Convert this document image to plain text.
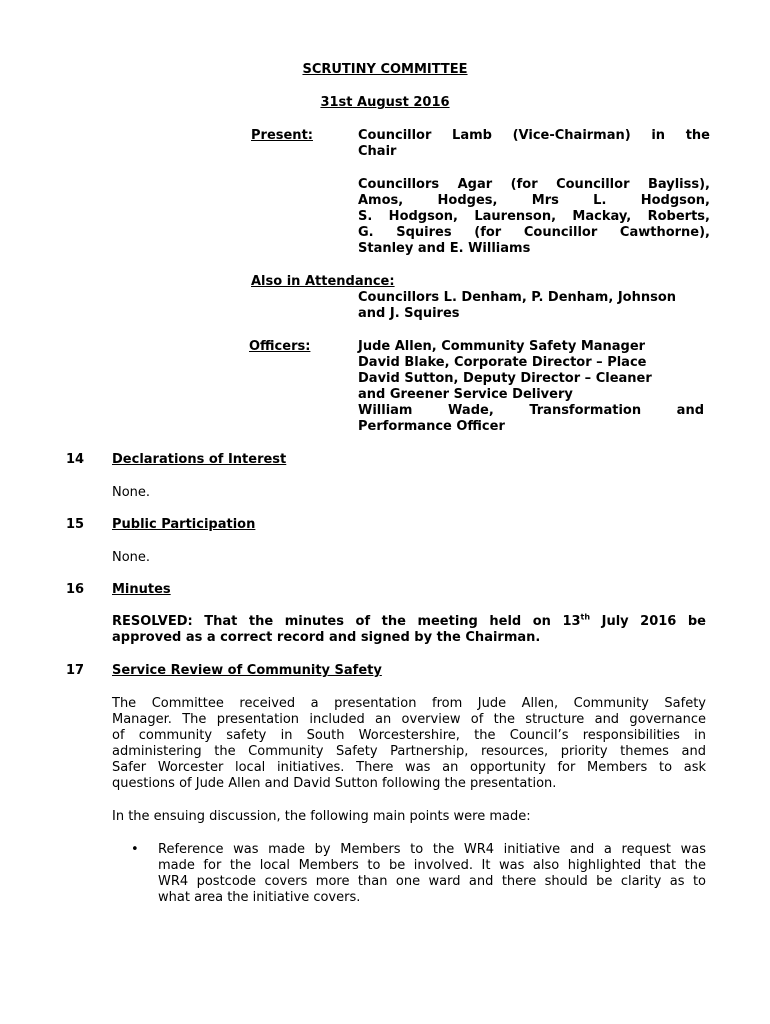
SCRUTINY COMMITTEE
31st August 2016
Present:	Councillor Lamb (Vice-Chairman) in the
Chair
Councillors Agar (for Councillor Bayliss),
Amos, Hodges, Mrs L. Hodgson,
S. Hodgson, Laurenson, Mackay, Roberts,
G. Squires (for Councillor Cawthorne),
Stanley and E. Williams
Also in Attendance:
Councillors L. Denham, P. Denham, Johnson
and J. Squires
Officers:	Jude Allen, Community Safety Manager
David Blake, Corporate Director – Place
David Sutton, Deputy Director – Cleaner
and Greener Service Delivery
William Wade, Transformation and
Performance Officer
14 Declarations of Interest
None.
15 Public Participation
None.
16 Minutes
RESOLVED: That the minutes of the meeting held on 13th July 2016 be
approved as a correct record and signed by the Chairman.
17 Service Review of Community Safety
The Committee received a presentation from Jude Allen, Community Safety
Manager. The presentation included an overview of the structure and governance
of community safety in South Worcestershire, the Council’s responsibilities in
administering the Community Safety Partnership, resources, priority themes and
Safer Worcester local initiatives. There was an opportunity for Members to ask
questions of Jude Allen and David Sutton following the presentation.
In the ensuing discussion, the following main points were made:
• Reference was made by Members to the WR4 initiative and a request was
made for the local Members to be involved. It was also highlighted that the
WR4 postcode covers more than one ward and there should be clarity as to
what area the initiative covers.
